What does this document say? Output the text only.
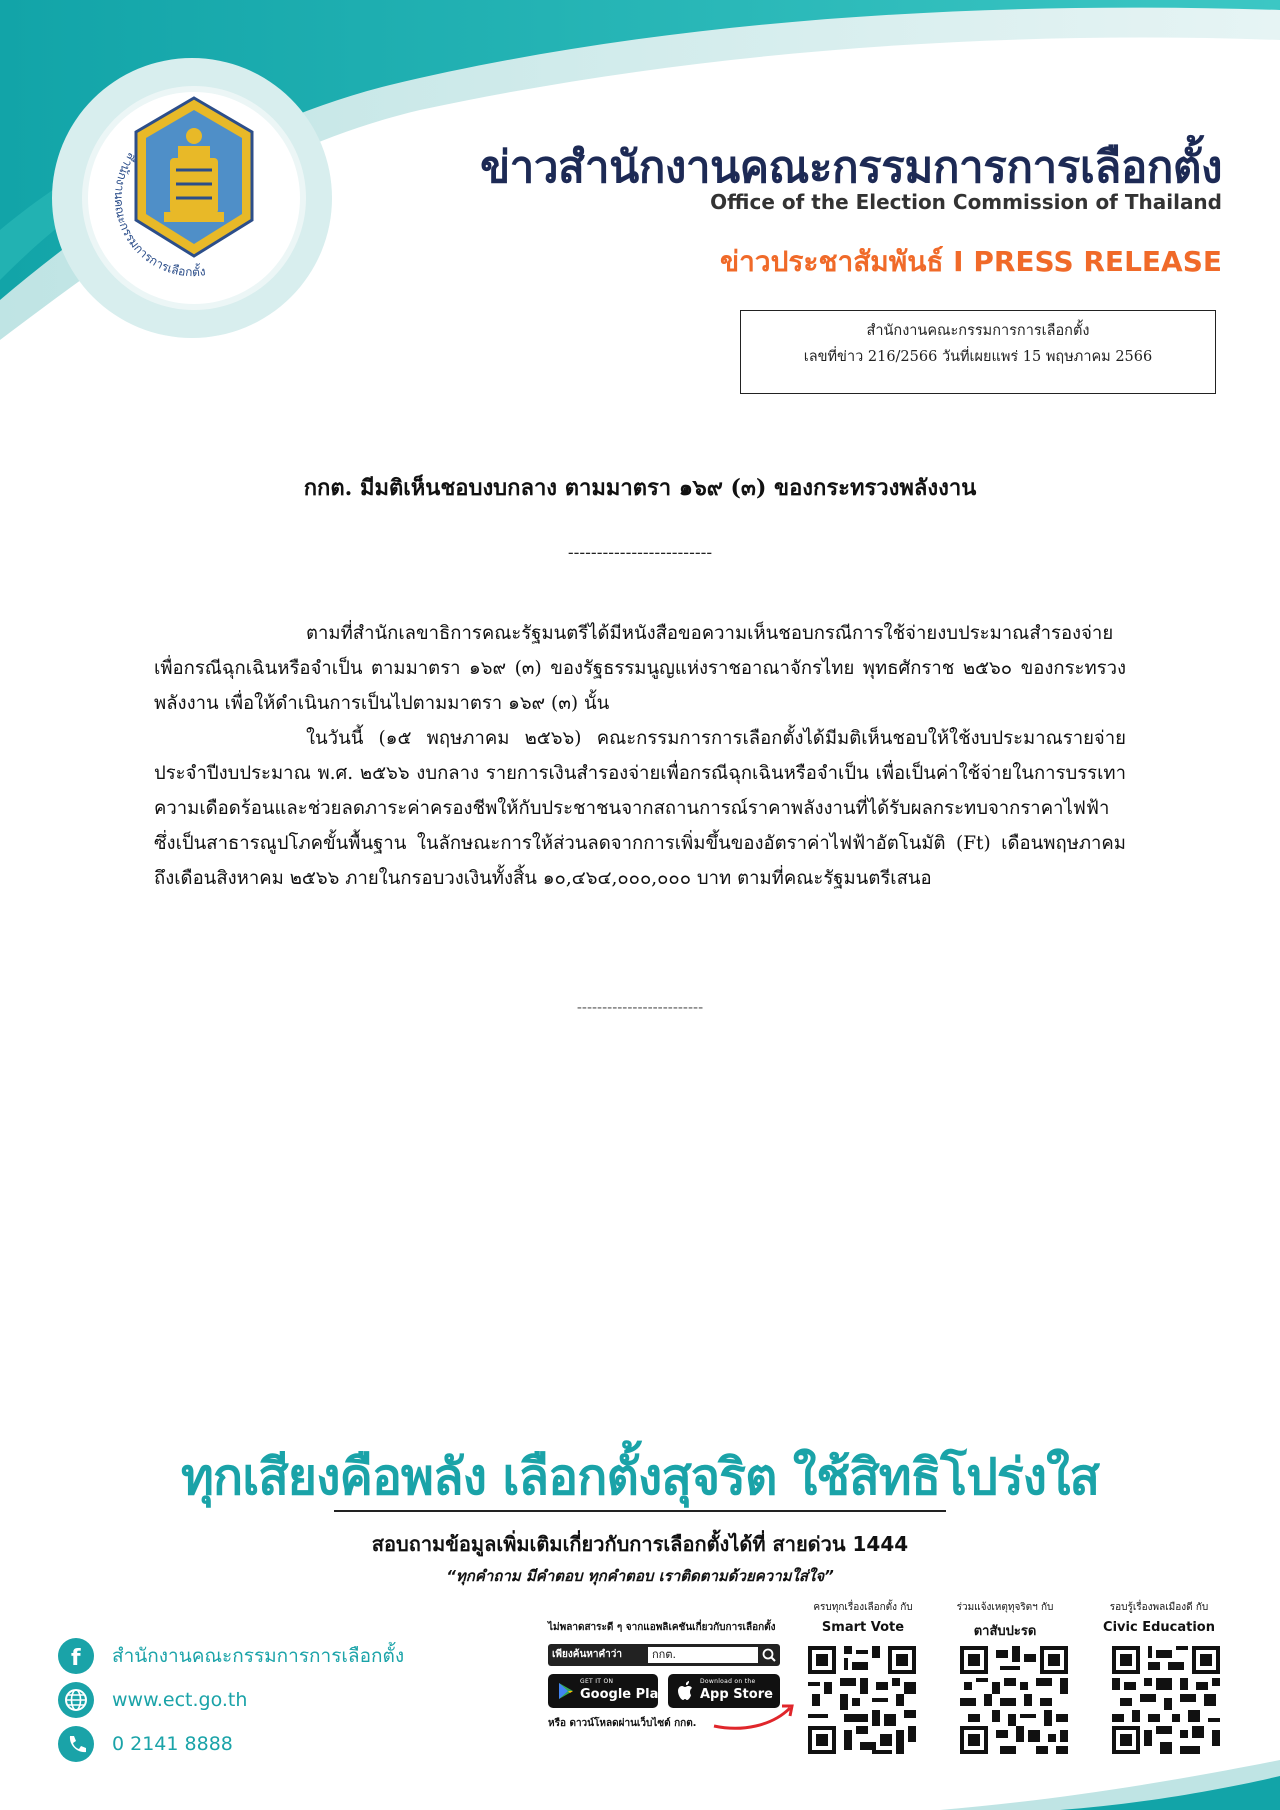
สำนักงานคณะกรรมการการเลือกตั้ง
ข่าวสำนักงานคณะกรรมการการเลือกตั้ง
Office of the Election Commission of Thailand
ข่าวประชาสัมพันธ์ I PRESS RELEASE
สำนักงานคณะกรรมการการเลือกตั้ง
เลขที่ข่าว 216/2566 วันที่เผยแพร่ 15 พฤษภาคม 2566
กกต. มีมติเห็นชอบงบกลาง ตามมาตรา ๑๖๙ (๓) ของกระทรวงพลังงาน
-------------------------

ตามที่สำนักเลขาธิการคณะรัฐมนตรีได้มีหนังสือขอความเห็นชอบกรณีการใช้จ่ายงบประมาณสำรองจ่ายเพื่อกรณีฉุกเฉินหรือจำเป็น ตามมาตรา ๑๖๙ (๓) ของรัฐธรรมนูญแห่งราชอาณาจักรไทย พุทธศักราช ๒๕๖๐ ของกระทรวงพลังงาน เพื่อให้ดำเนินการเป็นไปตามมาตรา ๑๖๙ (๓) นั้น

ในวันนี้ (๑๕ พฤษภาคม ๒๕๖๖) คณะกรรมการการเลือกตั้งได้มีมติเห็นชอบให้ใช้งบประมาณรายจ่ายประจำปีงบประมาณ พ.ศ. ๒๕๖๖ งบกลาง รายการเงินสำรองจ่ายเพื่อกรณีฉุกเฉินหรือจำเป็น เพื่อเป็นค่าใช้จ่ายในการบรรเทาความเดือดร้อนและช่วยลดภาระค่าครองชีพให้กับประชาชนจากสถานการณ์ราคาพลังงานที่ได้รับผลกระทบจากราคาไฟฟ้าซึ่งเป็นสาธารณูปโภคขั้นพื้นฐาน ในลักษณะการให้ส่วนลดจากการเพิ่มขึ้นของอัตราค่าไฟฟ้าอัตโนมัติ (Ft) เดือนพฤษภาคมถึงเดือนสิงหาคม ๒๕๖๖ ภายในกรอบวงเงินทั้งสิ้น ๑๐,๔๖๔,๐๐๐,๐๐๐ บาท ตามที่คณะรัฐมนตรีเสนอ

-------------------------
ทุกเสียงคือพลัง เลือกตั้งสุจริต ใช้สิทธิโปร่งใส
สอบถามข้อมูลเพิ่มเติมเกี่ยวกับการเลือกตั้งได้ที่ สายด่วน 1444
“ทุกคำถาม มีคำตอบ ทุกคำตอบ เราติดตามด้วยความใส่ใจ”
f สำนักงานคณะกรรมการการเลือกตั้ง
www.ect.go.th
0 2141 8888
ไม่พลาดสาระดี ๆ จากแอพลิเคชันเกี่ยวกับการเลือกตั้ง
เพียงค้นหาคำว่า	กกต.
GET IT ON
Google Play
Download on the
App Store
หรือ ดาวน์โหลดผ่านเว็บไซต์ กกต.
ครบทุกเรื่องเลือกตั้ง กับ
Smart Vote
ร่วมแจ้งเหตุทุจริตฯ กับ
ตาสับปะรด
รอบรู้เรื่องพลเมืองดี กับ
Civic Education
